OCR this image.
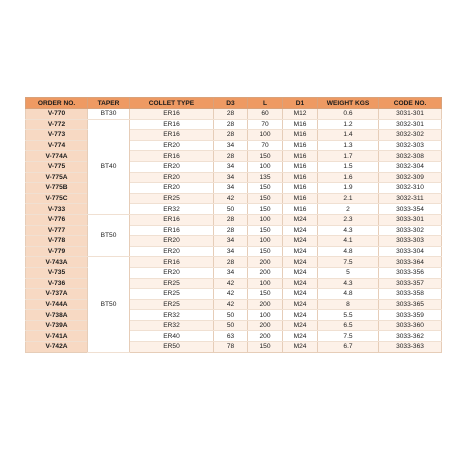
ORDER NO.	TAPER	COLLET TYPE	D3	L	D1	WEIGHT KGS	CODE NO.
V-770	BT30	ER16	28	60	M12	0.6	3031-301
V-772	BT40	ER16	28	70	M16	1.2	3032-301
V-773		ER16	28	100	M16	1.4	3032-302
V-774		ER20	34	70	M16	1.3	3032-303
V-774A		ER16	28	150	M16	1.7	3032-308
V-775		ER20	34	100	M16	1.5	3032-304
V-775A		ER20	34	135	M16	1.6	3032-309
V-775B		ER20	34	150	M16	1.9	3032-310
V-775C		ER25	42	150	M16	2.1	3032-311
V-733		ER32	50	150	M16	2	3033-354
V-776	BT50	ER16	28	100	M24	2.3	3033-301
V-777		ER16	28	150	M24	4.3	3033-302
V-778		ER20	34	100	M24	4.1	3033-303
V-779		ER20	34	150	M24	4.8	3033-304
V-743A	BT50	ER16	28	200	M24	7.5	3033-364
V-735		ER20	34	200	M24	5	3033-356
V-736		ER25	42	100	M24	4.3	3033-357
V-737A		ER25	42	150	M24	4.8	3033-358
V-744A		ER25	42	200	M24	8	3033-365
V-738A		ER32	50	100	M24	5.5	3033-359
V-739A		ER32	50	200	M24	6.5	3033-360
V-741A		ER40	63	200	M24	7.5	3033-362
V-742A		ER50	78	150	M24	6.7	3033-363
